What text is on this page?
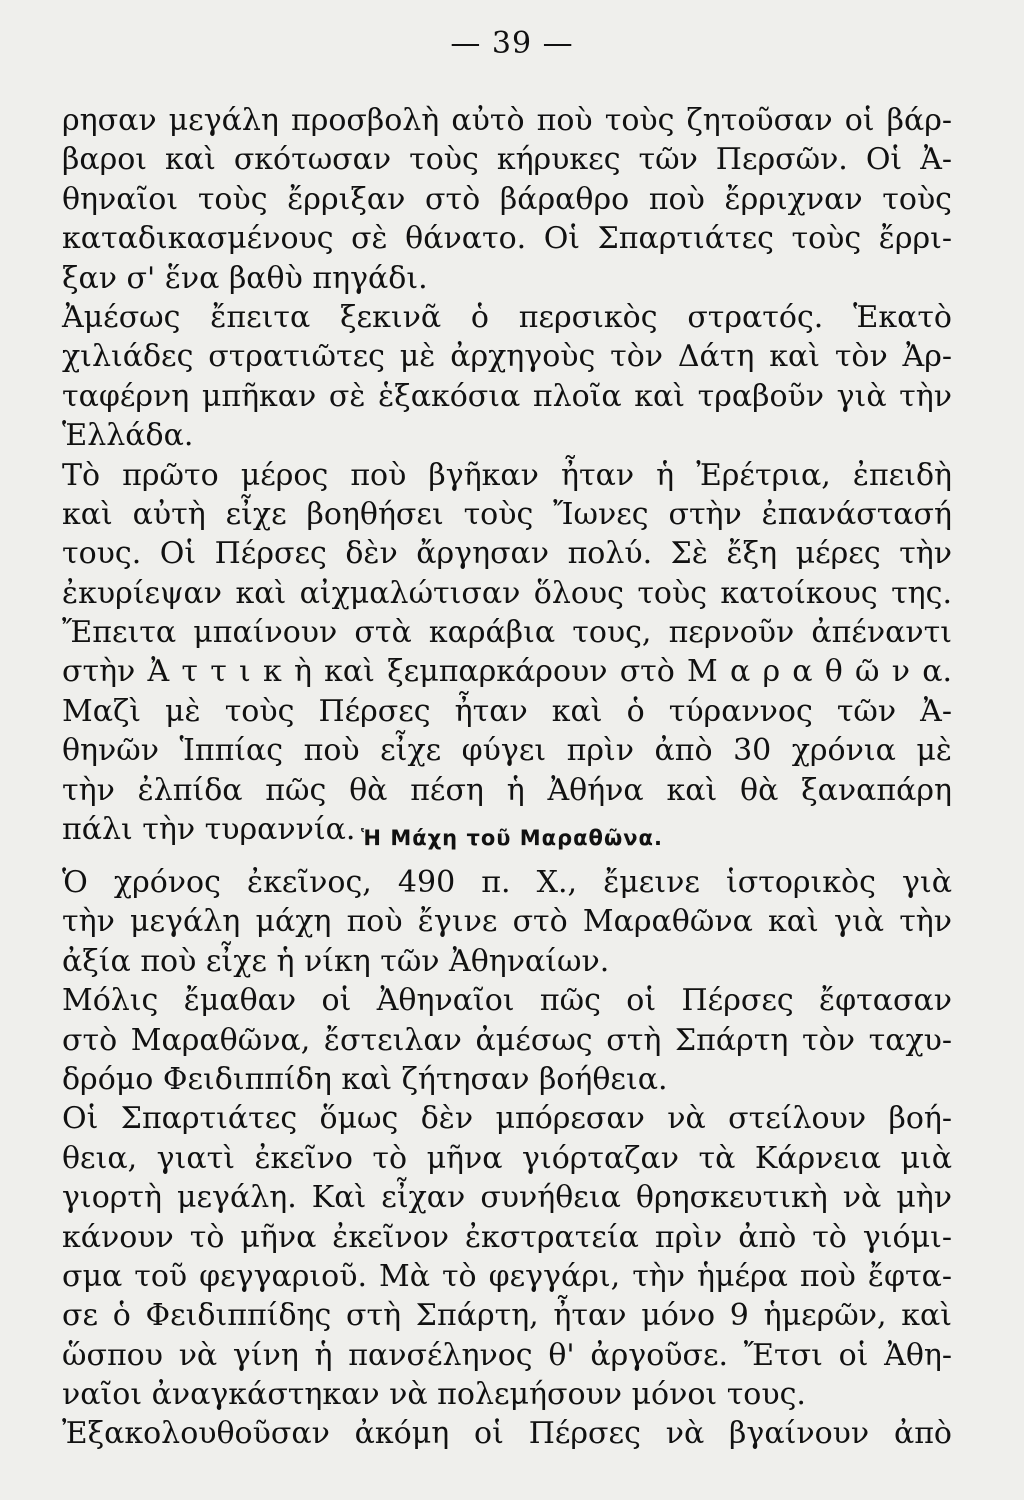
— 39 —
ρησαν μεγάλη προσβολὴ αὐτὸ ποὺ τοὺς ζητοῦσαν οἱ βάρ-
βαροι καὶ σκότωσαν τοὺς κήρυκες τῶν Περσῶν. Οἱ Ἀ-
θηναῖοι τοὺς ἔρριξαν στὸ βάραθρο ποὺ ἔρριχναν τοὺς
καταδικασμένους σὲ θάνατο. Οἱ Σπαρτιάτες τοὺς ἔρρι-
ξαν σ' ἕνα βαθὺ πηγάδι.
Ἀμέσως ἔπειτα ξεκινᾶ ὁ περσικὸς στρατός. Ἑκατὸ
χιλιάδες στρατιῶτες μὲ ἀρχηγοὺς τὸν Δάτη καὶ τὸν Ἀρ-
ταφέρνη μπῆκαν σὲ ἑξακόσια πλοῖα καὶ τραβοῦν γιὰ τὴν
Ἑλλάδα.
Τὸ πρῶτο μέρος ποὺ βγῆκαν ἦταν ἡ Ἐρέτρια, ἐπειδὴ
καὶ αὐτὴ εἶχε βοηθήσει τοὺς Ἴωνες στὴν ἐπανάστασή
τους. Οἱ Πέρσες δὲν ἄργησαν πολύ. Σὲ ἔξη μέρες τὴν
ἐκυρίεψαν καὶ αἰχμαλώτισαν ὅλους τοὺς κατοίκους της.
Ἔπειτα μπαίνουν στὰ καράβια τους, περνοῦν ἀπέναντι
στὴν Ἀ τ τ ι κ ὴ καὶ ξεμπαρκάρουν στὸ Μ α ρ α θ ῶ ν α.
Μαζὶ μὲ τοὺς Πέρσες ἦταν καὶ ὁ τύραννος τῶν Ἀ-
θηνῶν Ἱππίας ποὺ εἶχε φύγει πρὶν ἀπὸ 30 χρόνια μὲ
τὴν ἐλπίδα πῶς θὰ πέση ἡ Ἀθήνα καὶ θὰ ξαναπάρη
πάλι τὴν τυραννία. Ἡ Μάχη τοῦ Μαραθῶνα.
Ὁ χρόνος ἐκεῖνος, 490 π. Χ., ἔμεινε ἱστορικὸς γιὰ
τὴν μεγάλη μάχη ποὺ ἔγινε στὸ Μαραθῶνα καὶ γιὰ τὴν
ἀξία ποὺ εἶχε ἡ νίκη τῶν Ἀθηναίων.
Μόλις ἔμαθαν οἱ Ἀθηναῖοι πῶς οἱ Πέρσες ἔφτασαν
στὸ Μαραθῶνα, ἔστειλαν ἀμέσως στὴ Σπάρτη τὸν ταχυ-
δρόμο Φειδιππίδη καὶ ζήτησαν βοήθεια.
Οἱ Σπαρτιάτες ὅμως δὲν μπόρεσαν νὰ στείλουν βοή-
θεια, γιατὶ ἐκεῖνο τὸ μῆνα γιόρταζαν τὰ Κάρνεια μιὰ
γιορτὴ μεγάλη. Καὶ εἶχαν συνήθεια θρησκευτικὴ νὰ μὴν
κάνουν τὸ μῆνα ἐκεῖνον ἐκστρατεία πρὶν ἀπὸ τὸ γιόμι-
σμα τοῦ φεγγαριοῦ. Μὰ τὸ φεγγάρι, τὴν ἡμέρα ποὺ ἔφτα-
σε ὁ Φειδιππίδης στὴ Σπάρτη, ἦταν μόνο 9 ἡμερῶν, καὶ
ὥσπου νὰ γίνη ἡ πανσέληνος θ' ἀργοῦσε. Ἔτσι οἱ Ἀθη-
ναῖοι ἀναγκάστηκαν νὰ πολεμήσουν μόνοι τους.
Ἐξακολουθοῦσαν ἀκόμη οἱ Πέρσες νὰ βγαίνουν ἀπὸ
